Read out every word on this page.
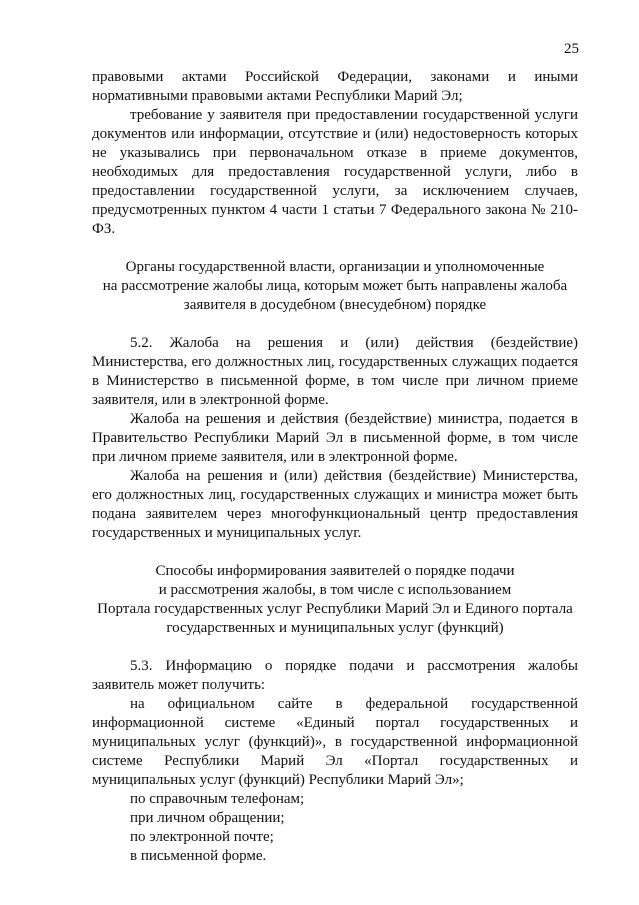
25

правовыми актами Российской Федерации, законами и иными нормативными правовыми актами Республики Марий Эл;

требование у заявителя при предоставлении государственной услуги документов или информации, отсутствие и (или) недостоверность которых не указывались при первоначальном отказе в приеме документов, необходимых для предоставления государственной услуги, либо в предоставлении государственной услуги, за исключением случаев, предусмотренных пунктом 4 части 1 статьи 7 Федерального закона № 210-ФЗ.

Органы государственной власти, организации и уполномоченные

на рассмотрение жалобы лица, которым может быть направлены жалоба

заявителя в досудебном (внесудебном) порядке

5.2. Жалоба на решения и (или) действия (бездействие) Министерства, его должностных лиц, государственных служащих подается в Министерство в письменной форме, в том числе при личном приеме заявителя, или в электронной форме.

Жалоба на решения и действия (бездействие) министра, подается в Правительство Республики Марий Эл в письменной форме, в том числе при личном приеме заявителя, или в электронной форме.

Жалоба на решения и (или) действия (бездействие) Министерства, его должностных лиц, государственных служащих и министра может быть подана заявителем через многофункциональный центр предоставления государственных и муниципальных услуг.

Способы информирования заявителей о порядке подачи

и рассмотрения жалобы, в том числе с использованием

Портала государственных услуг Республики Марий Эл и Единого портала

государственных и муниципальных услуг (функций)

5.3. Информацию о порядке подачи и рассмотрения жалобы заявитель может получить:

на официальном сайте в федеральной государственной информационной системе «Единый портал государственных и муниципальных услуг (функций)», в государственной информационной системе Республики Марий Эл «Портал государственных и муниципальных услуг (функций) Республики Марий Эл»;

по справочным телефонам;

при личном обращении;

по электронной почте;

в письменной форме.
